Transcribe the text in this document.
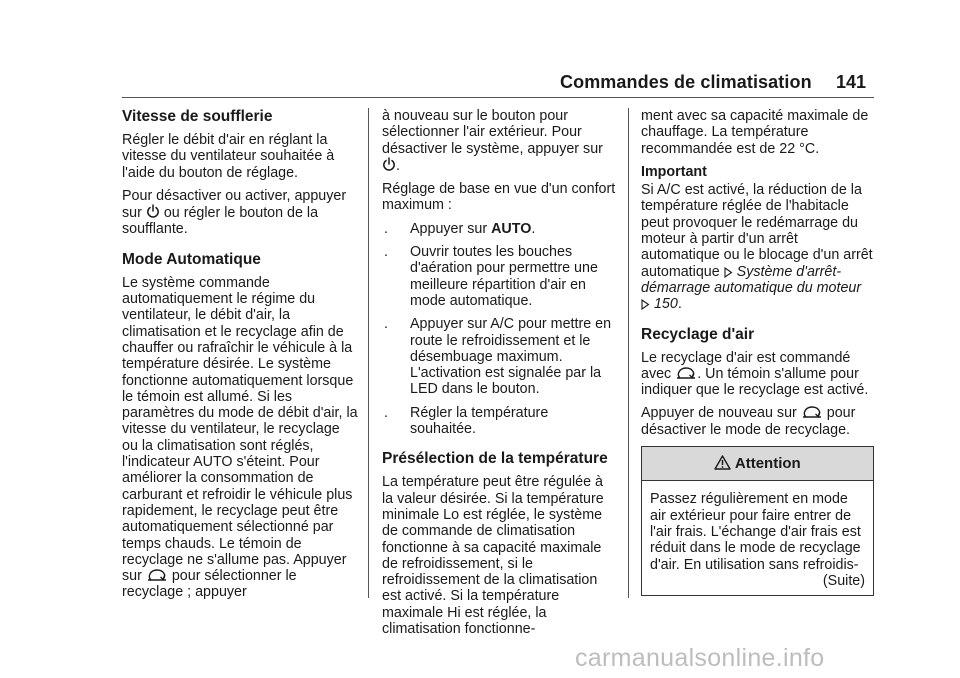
Commandes de climatisation 141
Vitesse de soufflerie

Régler le débit d'air en réglant la vitesse du ventilateur souhaitée à l'aide du bouton de réglage.

Pour désactiver ou activer, appuyer sur ou régler le bouton de la soufflante.

Mode Automatique

Le système commande automatiquement le régime du ventilateur, le débit d'air, la climatisation et le recyclage afin de chauffer ou rafraîchir le véhicule à la température désirée. Le système fonctionne automatiquement lorsque le témoin est allumé. Si les paramètres du mode de débit d'air, la vitesse du ventilateur, le recyclage ou la climatisation sont réglés, l'indicateur AUTO s'éteint. Pour améliorer la consommation de carburant et refroidir le véhicule plus rapidement, le recyclage peut être automatiquement sélectionné par temps chauds. Le témoin de recyclage ne s'allume pas. Appuyer sur pour sélectionner le recyclage ; appuyer

à nouveau sur le bouton pour sélectionner l'air extérieur. Pour désactiver le système, appuyer sur .

Réglage de base en vue d'un confort maximum :

. Appuyer sur AUTO.
. Ouvrir toutes les bouches d'aération pour permettre une meilleure répartition d'air en mode automatique.
. Appuyer sur A/C pour mettre en route le refroidissement et le désembuage maximum. L'activation est signalée par la LED dans le bouton.
. Régler la température souhaitée.
Présélection de la température

La température peut être régulée à la valeur désirée. Si la température minimale Lo est réglée, le système de commande de climatisation fonctionne à sa capacité maximale de refroidissement, si le refroidissement de la climatisation est activé. Si la température maximale Hi est réglée, la climatisation fonctionne-

ment avec sa capacité maximale de chauffage. La température recommandée est de 22 °C.

Important

Si A/C est activé, la réduction de la température réglée de l'habitacle peut provoquer le redémarrage du moteur à partir d'un arrêt automatique ou le blocage d'un arrêt automatique Système d'arrêt-démarrage automatique du moteur
150.

Recyclage d'air

Le recyclage d'air est commandé avec . Un témoin s'allume pour indiquer que le recyclage est activé.

Appuyer de nouveau sur pour désactiver le mode de recyclage.

Attention

Passez régulièrement en mode air extérieur pour faire entrer de l'air frais. L'échange d'air frais est réduit dans le mode de recyclage d'air. En utilisation sans refroidis-

(Suite)

carmanualsonline.info
